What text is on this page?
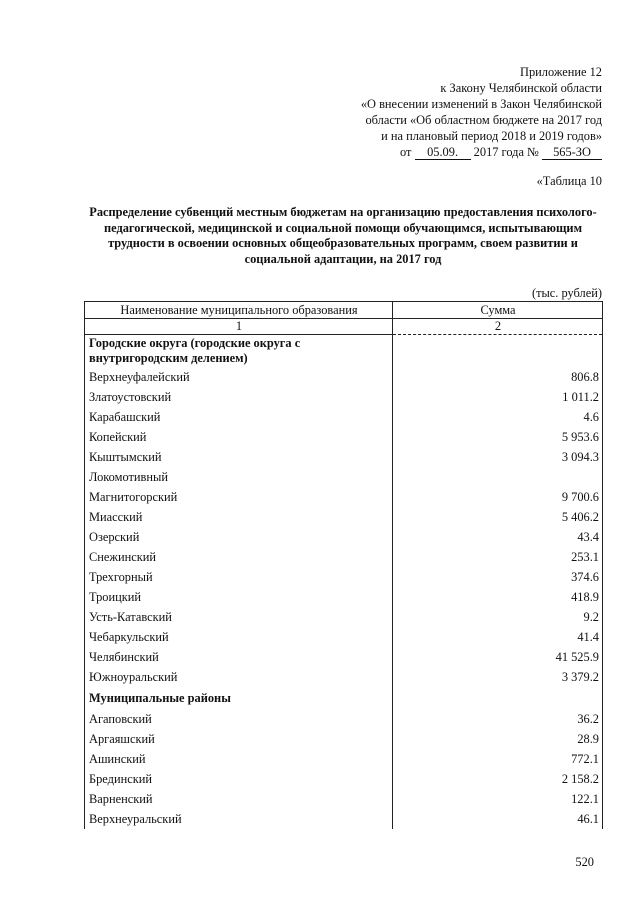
Приложение 12
к Закону Челябинской области
«О внесении изменений в Закон Челябинской
области «Об областном бюджете на 2017 год
и на плановый период 2018 и 2019 годов»
от 05.09. 2017 года № 565-ЗО
«Таблица 10
Распределение субвенций местным бюджетам на организацию предоставления психолого-педагогической, медицинской и социальной помощи обучающимся, испытывающим трудности в освоении основных общеобразовательных программ, своем развитии и социальной адаптации, на 2017 год
(тыс. рублей)
Наименование муниципального образования	Сумма
1	2
Городские округа (городские округа с внутригородским делением)	
Верхнеуфалейский	806.8
Златоустовский	1 011.2
Карабашский	4.6
Копейский	5 953.6
Кыштымский	3 094.3
Локомотивный	
Магнитогорский	9 700.6
Миасский	5 406.2
Озерский	43.4
Снежинский	253.1
Трехгорный	374.6
Троицкий	418.9
Усть-Катавский	9.2
Чебаркульский	41.4
Челябинский	41 525.9
Южноуральский	3 379.2
Муниципальные районы	
Агаповский	36.2
Аргаяшский	28.9
Ашинский	772.1
Брединский	2 158.2
Варненский	122.1
Верхнеуральский	46.1
520
